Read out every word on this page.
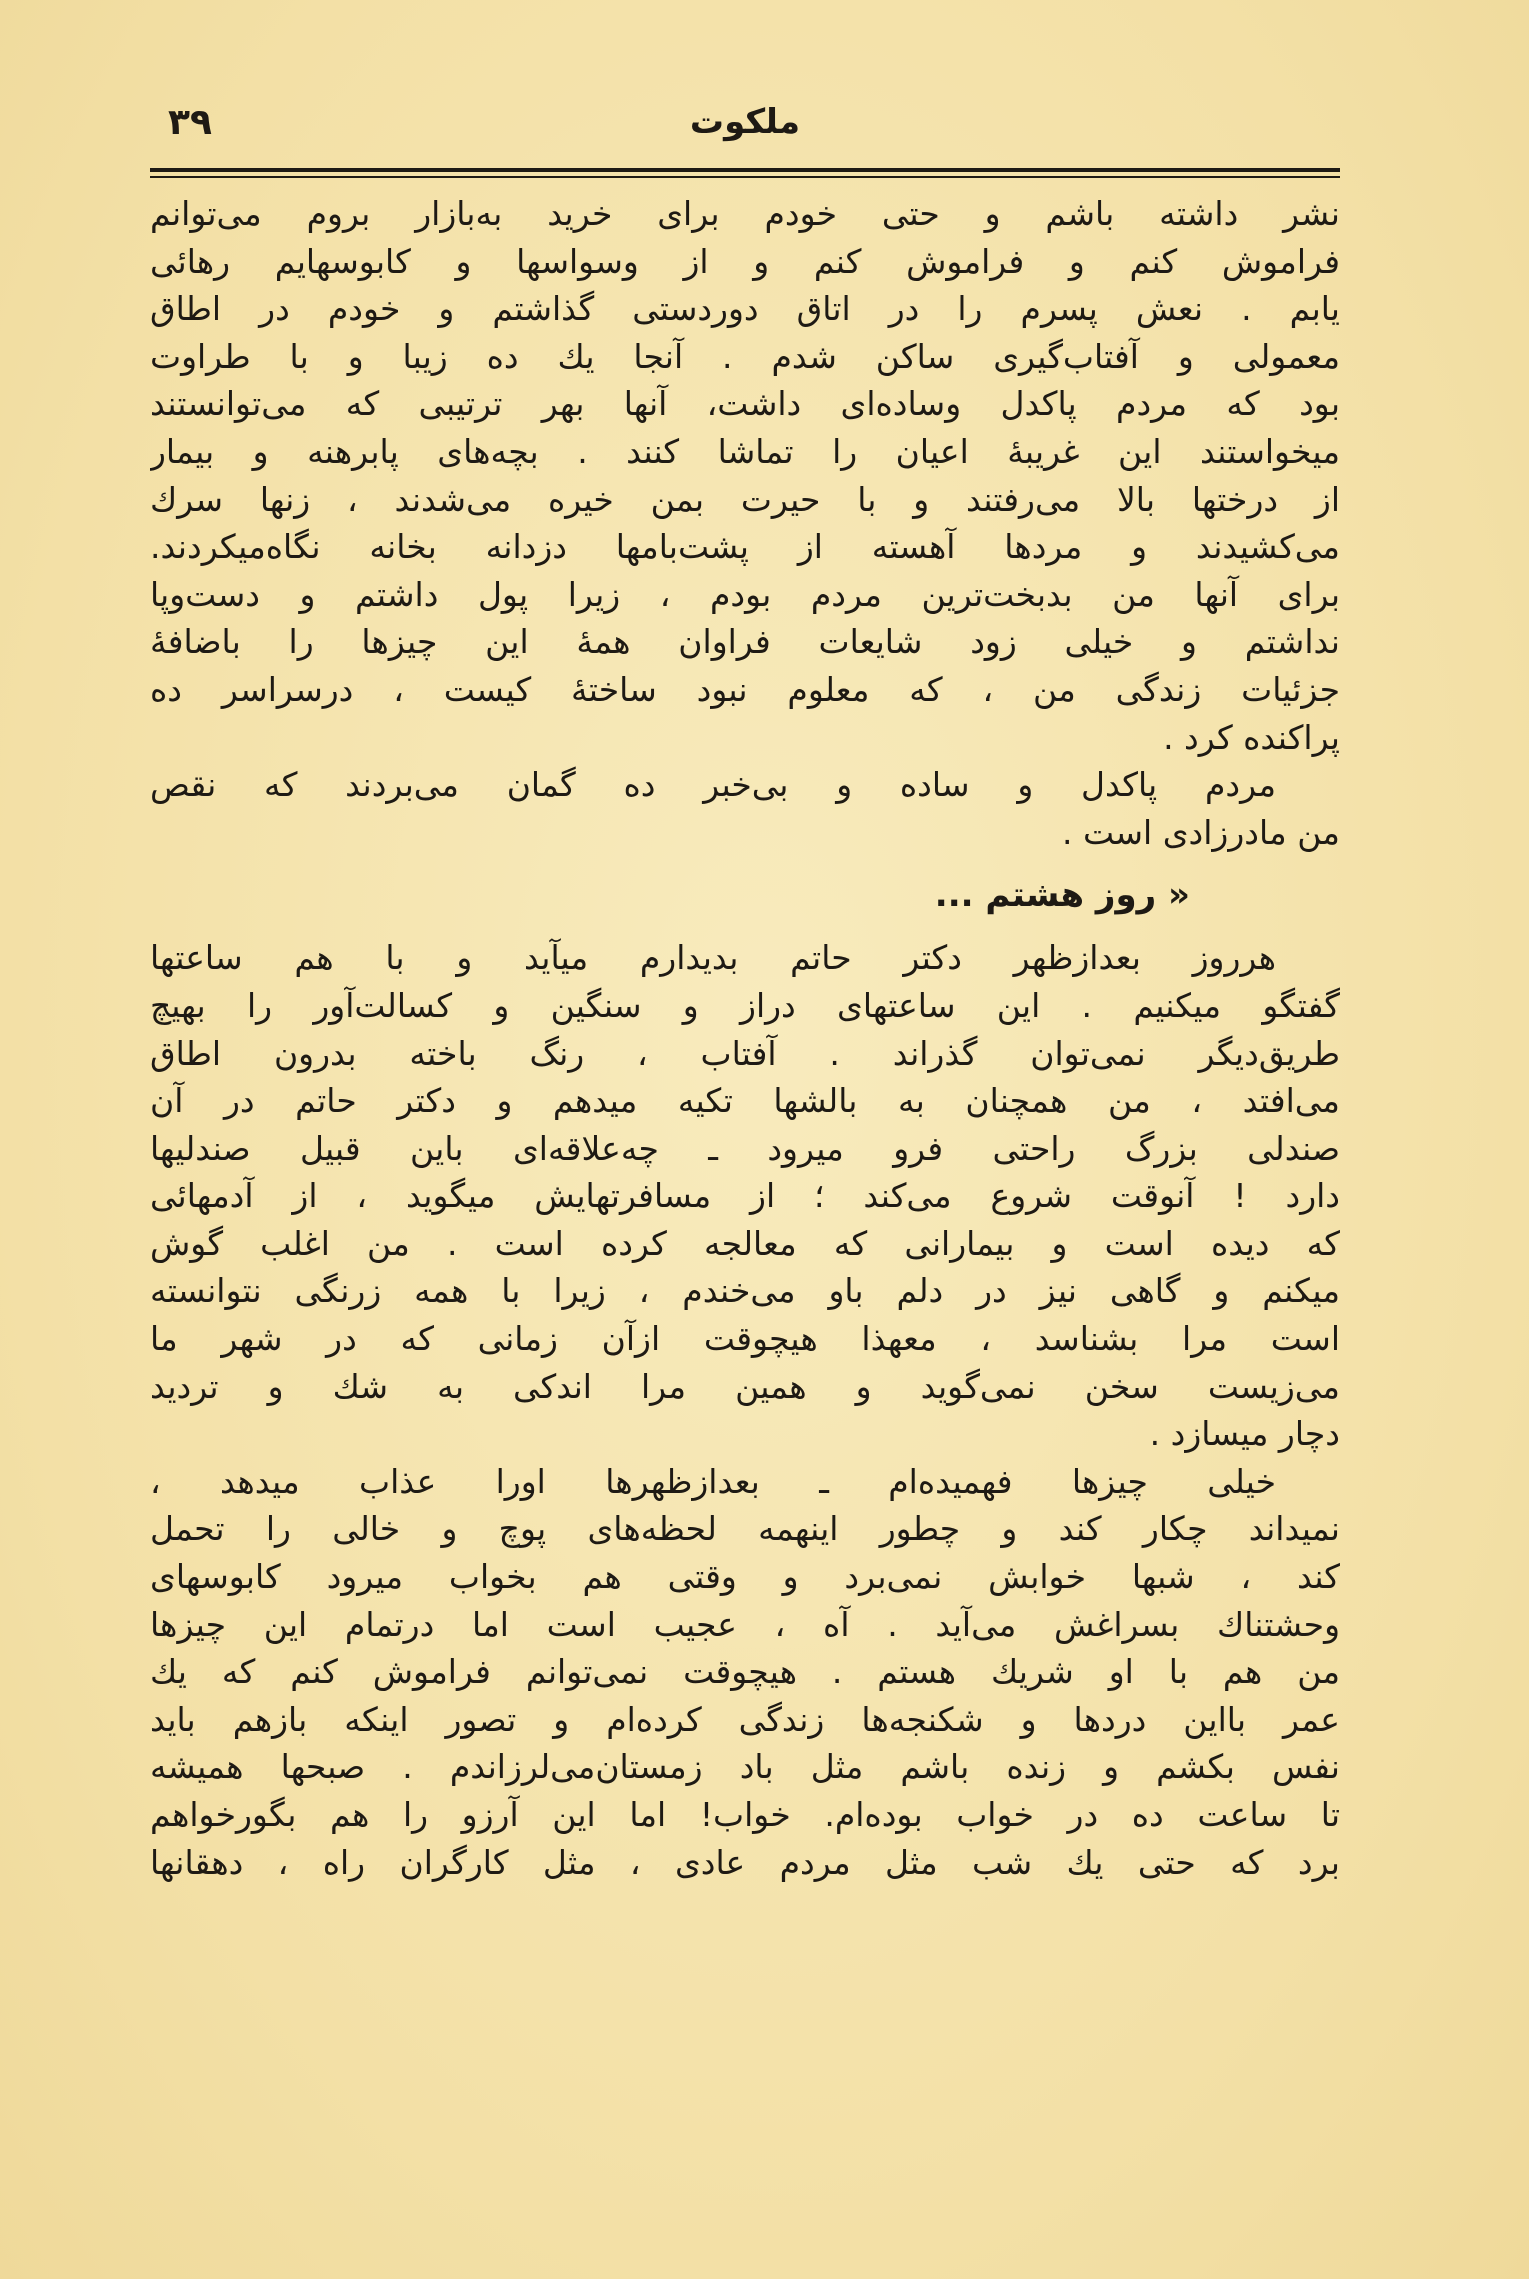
۳۹	ملکوت
نشر داشته باشم و حتی خودم برای خرید به‌بازار بروم می‌توانم
فراموش کنم و فراموش کنم و از وسواسها و کابوسهایم رهائی
یابم . نعش پسرم را در اتاق دوردستی گذاشتم و خودم در اطاق
معمولی و آفتاب‌گیری ساکن شدم . آنجا یك ده زیبا و با طراوت
بود که مردم پاکدل وساده‌ای داشت، آنها بهر ترتیبی که می‌توانستند
میخواستند این غریبهٔ اعیان را تماشا کنند . بچه‌های پابرهنه و بیمار
از درختها بالا می‌رفتند و با حیرت بمن خیره می‌شدند ، زنها سرك
می‌کشیدند و مردها آهسته از پشت‌بامها دزدانه بخانه نگاه‌میکردند.
برای آنها من بدبخت‌ترین مردم بودم ، زیرا پول داشتم و دست‌وپا
نداشتم و خیلی زود شایعات فراوان همهٔ این چیزها را باضافهٔ
جزئیات زندگی من ، که معلوم نبود ساختهٔ کیست ، درسراسر ده
پراکنده کرد .
مردم پاکدل و ساده و بی‌خبر ده گمان می‌بردند که نقص
من مادرزادی است .
« روز هشتم ...
هرروز بعدازظهر دکتر حاتم بدیدارم میآید و با هم ساعتها
گفتگو میکنیم . این ساعتهای دراز و سنگین و کسالت‌آور را بهیچ
طریق‌دیگر نمی‌توان گذراند . آفتاب ، رنگ باخته بدرون اطاق
می‌افتد ، من همچنان به بالشها تکیه میدهم و دکتر حاتم در آن
صندلی بزرگ راحتی فرو میرود ـ چه‌علاقه‌ای باین قبیل صندلیها
دارد ! آنوقت شروع می‌کند ؛ از مسافرتهایش میگوید ، از آدمهائی
که دیده است و بیمارانی که معالجه کرده است . من اغلب گوش
میکنم و گاهی نیز در دلم باو می‌خندم ، زیرا با همه زرنگی نتوانسته
است مرا بشناسد ، معهذا هیچوقت ازآن زمانی که در شهر ما
می‌زیست سخن نمی‌گوید و همین مرا اندکی به شك و تردید
دچار میسازد .
خیلی چیزها فهمیده‌ام ـ بعدازظهرها اورا عذاب میدهد ،
نمیداند چکار کند و چطور اینهمه لحظه‌های پوچ و خالی را تحمل
کند ، شبها خوابش نمی‌برد و وقتی هم بخواب میرود کابوسهای
وحشتناك بسراغش می‌آید . آه ، عجیب است اما درتمام این چیزها
من هم با او شریك هستم . هیچوقت نمی‌توانم فراموش کنم که یك
عمر بااین دردها و شکنجه‌ها زندگی کرده‌ام و تصور اینکه بازهم باید
نفس بکشم و زنده باشم مثل باد زمستان‌می‌لرزاندم . صبحها همیشه
تا ساعت ده در خواب بوده‌ام. خواب! اما این آرزو را هم بگورخواهم
برد که حتی یك شب مثل مردم عادی ، مثل کارگران راه ، دهقانها
